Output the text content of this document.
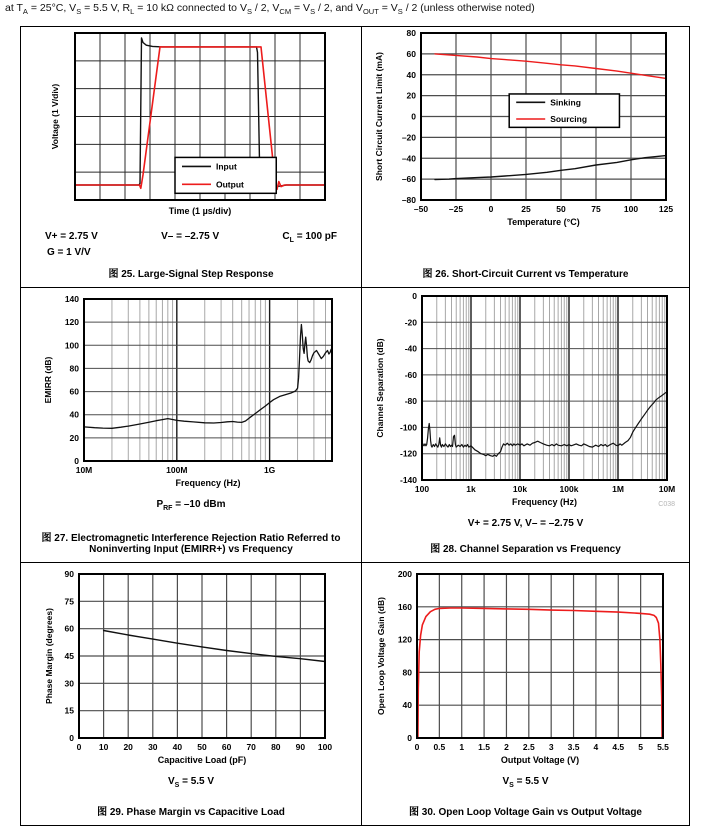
at $T_A = 25^\circ C$, $V_S = 5.5$ V, $R_L = 10$ kΩ connected to $V_S / 2$, $V_{CM} = V_S / 2$, and $V_{OUT} = V_S / 2$ (unless otherwise noted)
Input
Output
Time (1 µs/div)
Voltage (1 V/div)
V+ = 2.75 V	V– = –2.75 V	$C_L = 100$ pF
G = 1 V/V
图 25. Large-Signal Step Response
Sinking
Sourcing
–50 –25	0	25	50	75	100 125
–80
–60
–40
–20
0
20
40
60
80
Temperature (°C)
Short Circuit Current Limit (mA)
图 26. Short-Circuit Current vs Temperature
10M	100M	1G
0
20
40
60
80
100
120
140
Frequency (Hz)
EMIRR (dB)
$P_{RF} = -10$ dBm
图 27. Electromagnetic Interference Rejection Ratio Referred to Noninverting Input (EMIRR+) vs Frequency
100	1k	10k	100k	1M	10M
-140
-120
-100
-80
-60
-40
-20
0
Frequency (Hz)
Channel Separation (dB)
C038
V+ = 2.75 V, V– = –2.75 V
图 28. Channel Separation vs Frequency
0 10 20 30 40 50 60 70 80 90 100
0
15
30
45
60
75
90
Capacitive Load (pF)
Phase Margin (degrees)
$V_S = 5.5$ V
图 29. Phase Margin vs Capacitive Load
0 0.5 1 1.5 2 2.5 3 3.5 4 4.5 5 5.5
0
40
80
120
160
200
Output Voltage (V)
Open Loop Voltage Gain (dB)
$V_S = 5.5$ V
图 30. Open Loop Voltage Gain vs Output Voltage
